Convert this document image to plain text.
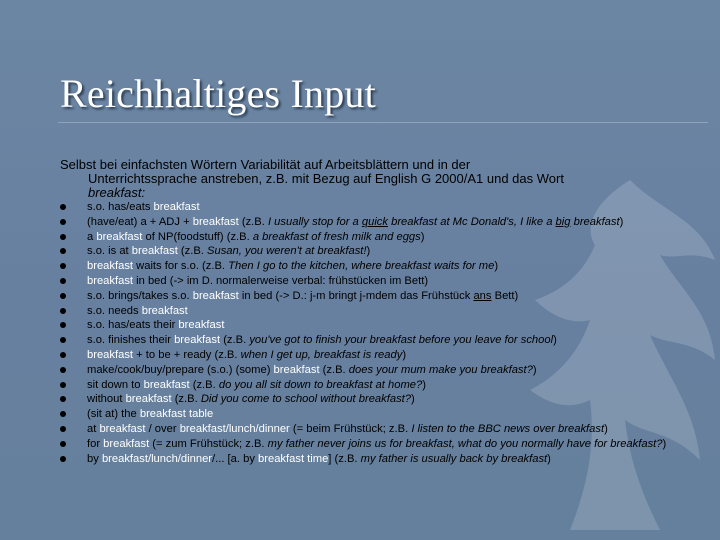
Reichhaltiges Input
Selbst bei einfachsten Wörtern Variabilität auf Arbeitsblättern und in der
Unterrichtssprache anstreben, z.B. mit Bezug auf English G 2000/A1 und das Wort
breakfast:
s.o. has/eats breakfast
(have/eat) a + ADJ + breakfast (z.B. I usually stop for a quick breakfast at Mc Donald's, I like a big breakfast)
a breakfast of NP(foodstuff) (z.B. a breakfast of fresh milk and eggs)
s.o. is at breakfast (z.B. Susan, you weren't at breakfast!)
breakfast waits for s.o. (z.B. Then I go to the kitchen, where breakfast waits for me)
breakfast in bed (-> im D. normalerweise verbal: frühstücken im Bett)
s.o. brings/takes s.o. breakfast in bed (-> D.: j-m bringt j-mdem das Frühstück ans Bett)
s.o. needs breakfast
s.o. has/eats their breakfast
s.o. finishes their breakfast (z.B. you've got to finish your breakfast before you leave for school)
breakfast + to be + ready (z.B. when I get up, breakfast is ready)
make/cook/buy/prepare (s.o.) (some) breakfast (z.B. does your mum make you breakfast?)
sit down to breakfast (z.B. do you all sit down to breakfast at home?)
without breakfast (z.B. Did you come to school without breakfast?)
(sit at) the breakfast table
at breakfast / over breakfast/lunch/dinner (= beim Frühstück; z.B. I listen to the BBC news over breakfast)
for breakfast (= zum Frühstück; z.B. my father never joins us for breakfast, what do you normally have for breakfast?)
by breakfast/lunch/dinner/... [a. by breakfast time] (z.B. my father is usually back by breakfast)
